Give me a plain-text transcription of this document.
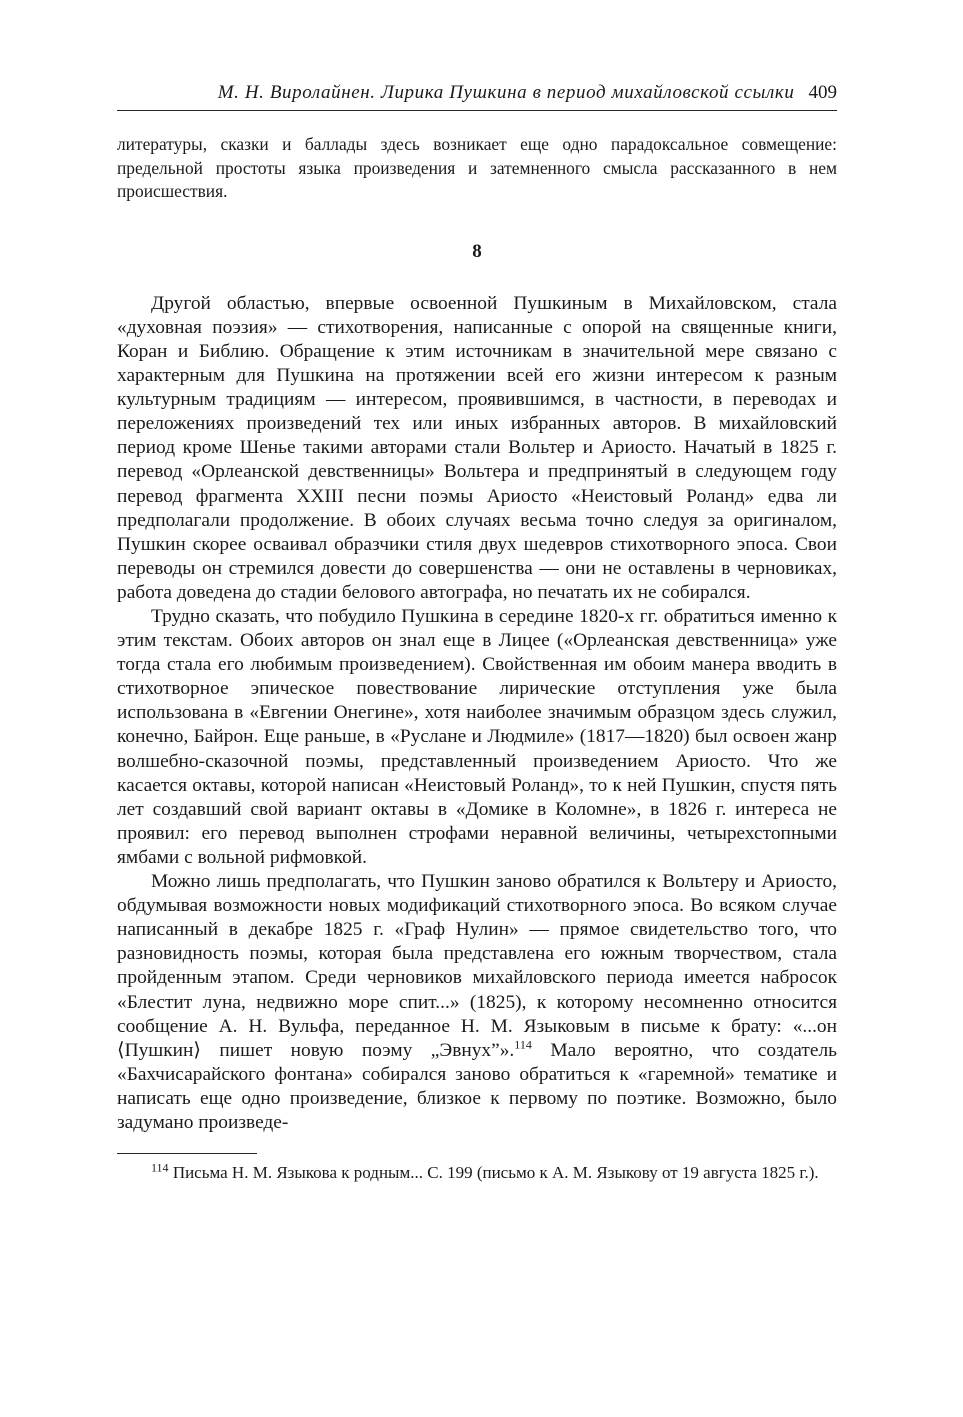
М. Н. Виролайнен. Лирика Пушкина в период михайловской ссылки 409

литературы, сказки и баллады здесь возникает еще одно парадоксальное совмещение: предельной простоты языка произведения и затемненного смысла рассказанного в нем происшествия.

8

Другой областью, впервые освоенной Пушкиным в Михайловском, стала «духовная поэзия» — стихотворения, написанные с опорой на священные книги, Коран и Библию. Обращение к этим источникам в значительной мере связано с характерным для Пушкина на протяжении всей его жизни интересом к разным культурным традициям — интересом, проявившимся, в частности, в переводах и переложениях произведений тех или иных избранных авторов. В михайловский период кроме Шенье такими авторами стали Вольтер и Ариосто. Начатый в 1825 г. перевод «Орлеанской девственницы» Вольтера и предпринятый в следующем году перевод фрагмента XXIII песни поэмы Ариосто «Неистовый Роланд» едва ли предполагали продолжение. В обоих случаях весьма точно следуя за оригиналом, Пушкин скорее осваивал образчики стиля двух шедевров стихотворного эпоса. Свои переводы он стремился довести до совершенства — они не оставлены в черновиках, работа доведена до стадии белового автографа, но печатать их не собирался.

Трудно сказать, что побудило Пушкина в середине 1820-х гг. обратиться именно к этим текстам. Обоих авторов он знал еще в Лицее («Орлеанская девственница» уже тогда стала его любимым произведением). Свойственная им обоим манера вводить в стихотворное эпическое повествование лирические отступления уже была использована в «Евгении Онегине», хотя наиболее значимым образцом здесь служил, конечно, Байрон. Еще раньше, в «Руслане и Людмиле» (1817—1820) был освоен жанр волшебно-сказочной поэмы, представленный произведением Ариосто. Что же касается октавы, которой написан «Неистовый Роланд», то к ней Пушкин, спустя пять лет создавший свой вариант октавы в «Домике в Коломне», в 1826 г. интереса не проявил: его перевод выполнен строфами неравной величины, четырехстопными ямбами с вольной рифмовкой.

Можно лишь предполагать, что Пушкин заново обратился к Вольтеру и Ариосто, обдумывая возможности новых модификаций стихотворного эпоса. Во всяком случае написанный в декабре 1825 г. «Граф Нулин» — прямое свидетельство того, что разновидность поэмы, которая была представлена его южным творчеством, стала пройденным этапом. Среди черновиков михайловского периода имеется набросок «Блестит луна, недвижно море спит...» (1825), к которому несомненно относится сообщение А. Н. Вульфа, переданное Н. М. Языковым в письме к брату: «...он ⟨Пушкин⟩ пишет новую поэму „Эвнух”».$^{114}$ Мало вероятно, что создатель «Бахчисарайского фонтана» собирался заново обратиться к «гаремной» тематике и написать еще одно произведение, близкое к первому по поэтике. Возможно, было задумано произведе-

$^{114}$ Письма Н. М. Языкова к родным... С. 199 (письмо к А. М. Языкову от 19 августа 1825 г.).
